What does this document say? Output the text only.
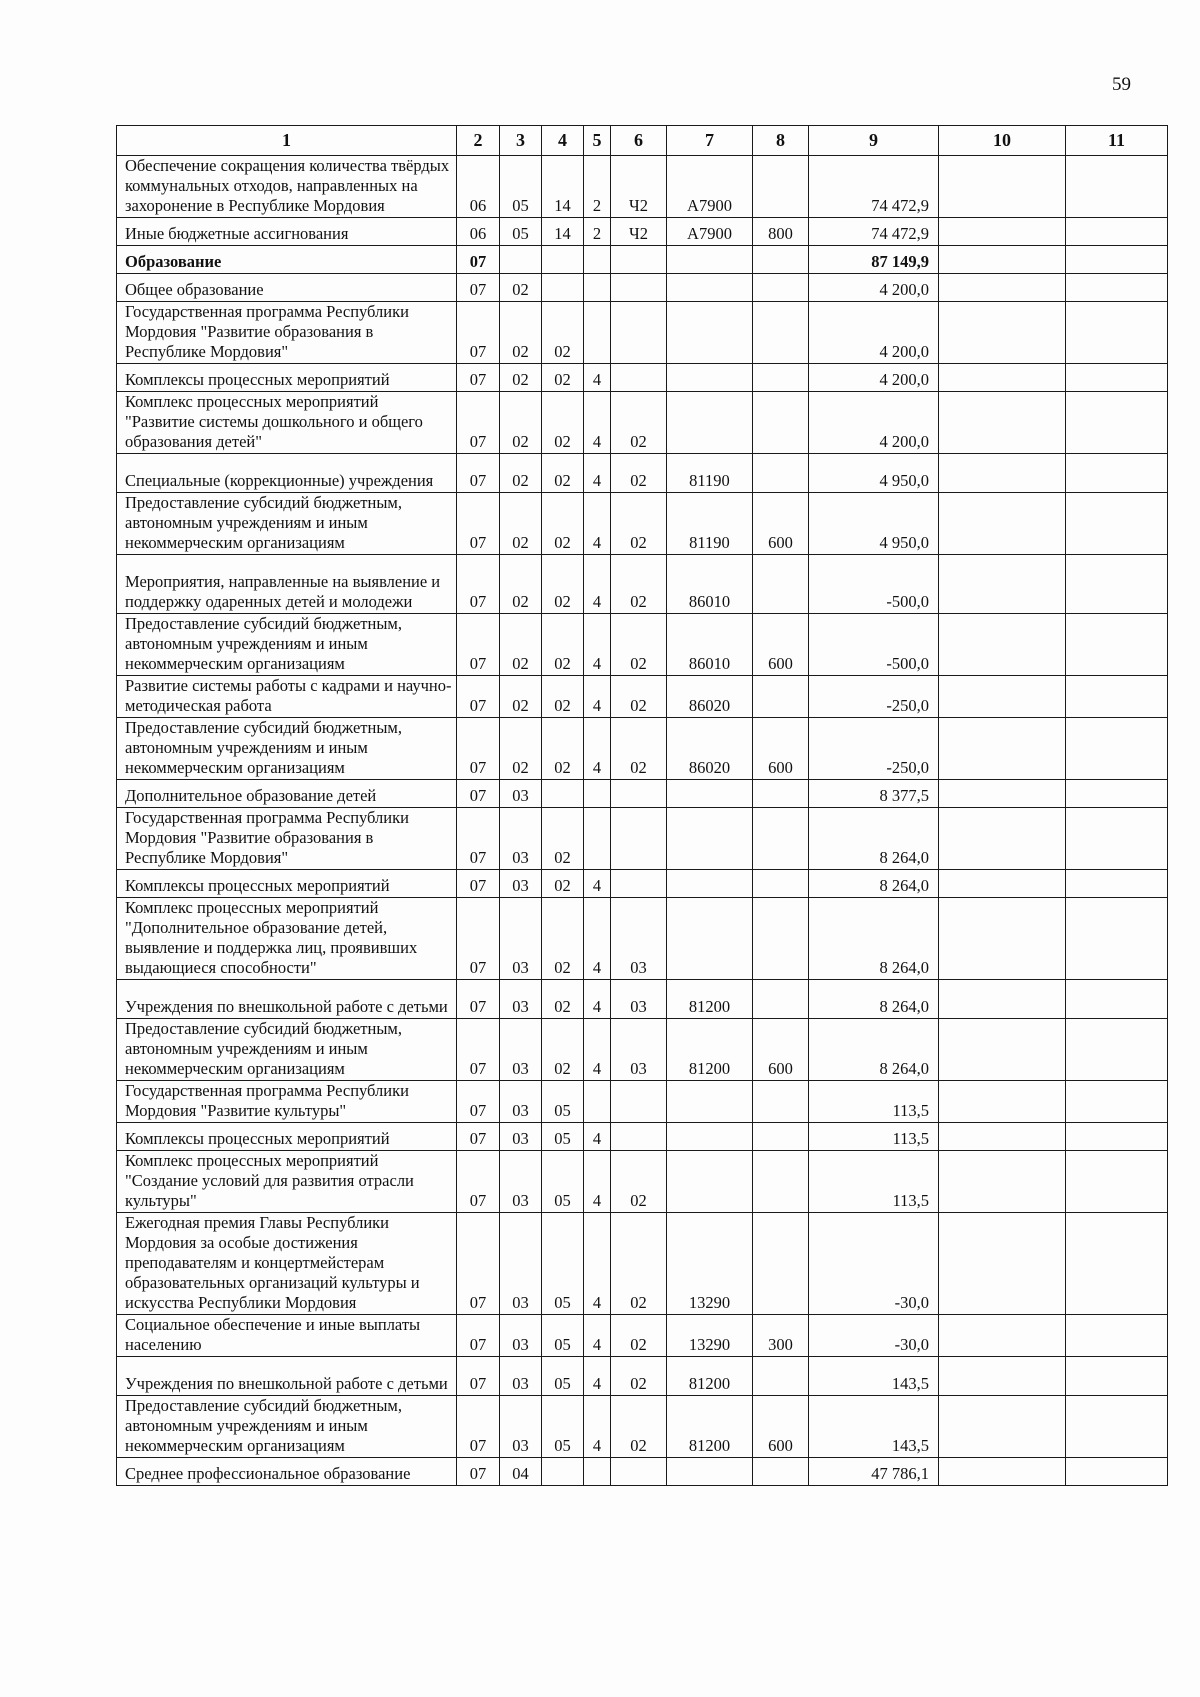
59
1	2	3	4	5	6	7	8	9	10	11
Обеспечение сокращения количества твёрдых коммунальных отходов, направленных на захоронение в Республике Мордовия	06	05	14	2	Ч2	А7900		74 472,9		
Иные бюджетные ассигнования	06	05	14	2	Ч2	А7900	800	74 472,9		
Образование	07							87 149,9		
Общее образование	07	02						4 200,0		
Государственная программа Республики Мордовия "Развитие образования в Республике Мордовия"	07	02	02					4 200,0		
Комплексы процессных мероприятий	07	02	02	4				4 200,0		
Комплекс процессных мероприятий "Развитие системы дошкольного и общего образования детей"	07	02	02	4	02			4 200,0		
Специальные (коррекционные) учреждения	07	02	02	4	02	81190		4 950,0		
Предоставление субсидий бюджетным, автономным учреждениям и иным некоммерческим организациям	07	02	02	4	02	81190	600	4 950,0		
Мероприятия, направленные на выявление и поддержку одаренных детей и молодежи	07	02	02	4	02	86010		-500,0		
Предоставление субсидий бюджетным, автономным учреждениям и иным некоммерческим организациям	07	02	02	4	02	86010	600	-500,0		
Развитие системы работы с кадрами и научно-методическая работа	07	02	02	4	02	86020		-250,0		
Предоставление субсидий бюджетным, автономным учреждениям и иным некоммерческим организациям	07	02	02	4	02	86020	600	-250,0		
Дополнительное образование детей	07	03						8 377,5		
Государственная программа Республики Мордовия "Развитие образования в Республике Мордовия"	07	03	02					8 264,0		
Комплексы процессных мероприятий	07	03	02	4				8 264,0		
Комплекс процессных мероприятий "Дополнительное образование детей, выявление и поддержка лиц, проявивших выдающиеся способности"	07	03	02	4	03			8 264,0		
Учреждения по внешкольной работе с детьми	07	03	02	4	03	81200		8 264,0		
Предоставление субсидий бюджетным, автономным учреждениям и иным некоммерческим организациям	07	03	02	4	03	81200	600	8 264,0		
Государственная программа Республики Мордовия "Развитие культуры"	07	03	05					113,5		
Комплексы процессных мероприятий	07	03	05	4				113,5		
Комплекс процессных мероприятий "Создание условий для развития отрасли культуры"	07	03	05	4	02			113,5		
Ежегодная премия Главы Республики Мордовия за особые достижения преподавателям и концертмейстерам образовательных организаций культуры и искусства Республики Мордовия	07	03	05	4	02	13290		-30,0		
Социальное обеспечение и иные выплаты населению	07	03	05	4	02	13290	300	-30,0		
Учреждения по внешкольной работе с детьми	07	03	05	4	02	81200		143,5		
Предоставление субсидий бюджетным, автономным учреждениям и иным некоммерческим организациям	07	03	05	4	02	81200	600	143,5		
Среднее профессиональное образование	07	04						47 786,1		
